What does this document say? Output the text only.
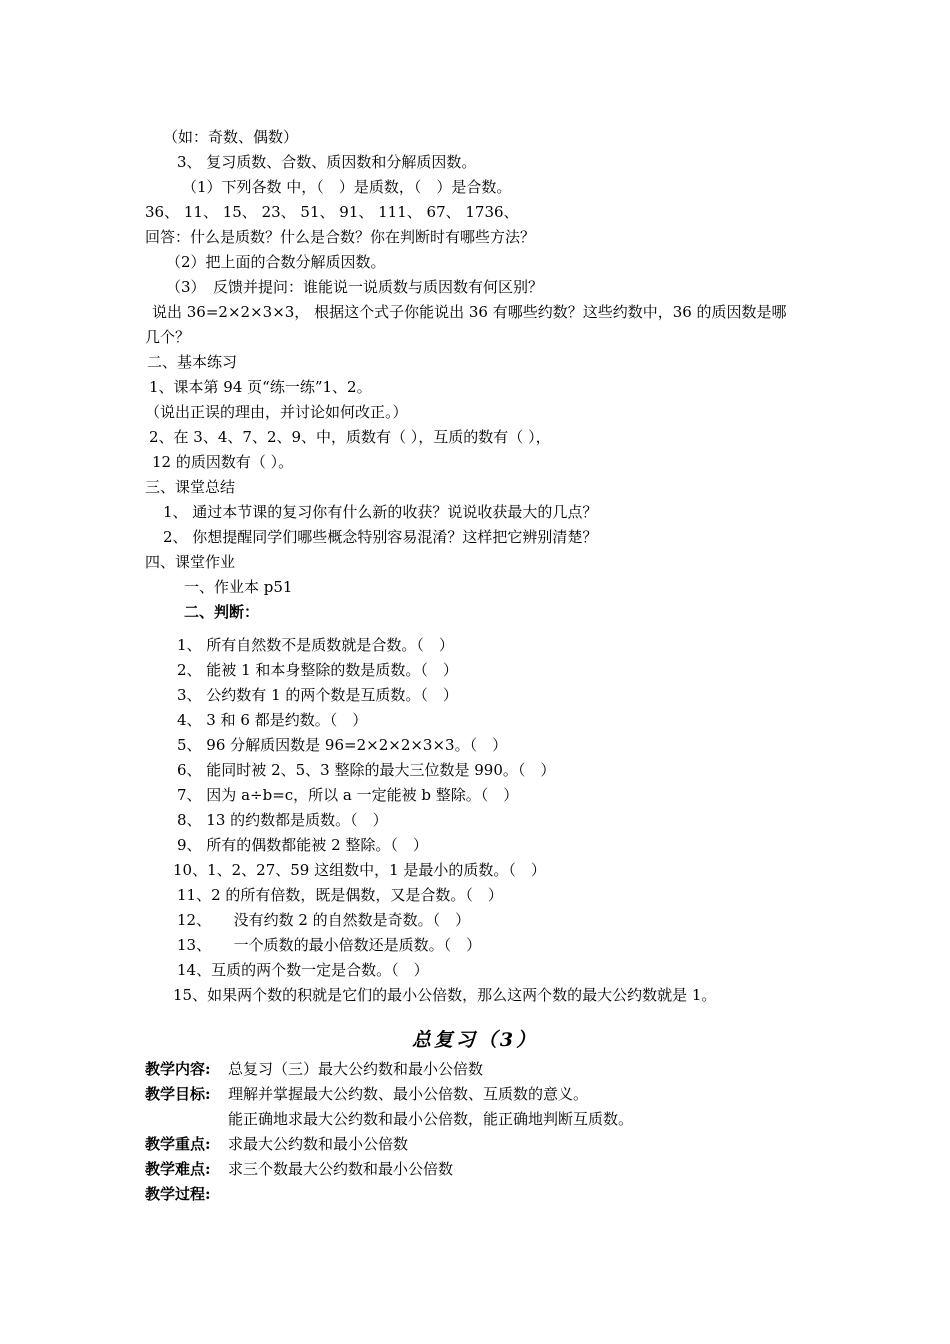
（如：奇数、偶数）
3、 复习质数、合数、质因数和分解质因数。
（1）下列各数 中，（　）是质数，（　）是合数。
36、 11、 15、 23、 51、 91、 111、 67、 1736、
回答：什么是质数？什么是合数？你在判断时有哪些方法？
（2）把上面的合数分解质因数。
（3）　反馈并提问：谁能说一说质数与质因数有何区别？
说出 36=2×2×3×3， 根据这个式子你能说出 36 有哪些约数？这些约数中，36 的质因数是哪
几个？
二、基本练习
1、课本第 94 页“练一练”1、2。
（说出正误的理由，并讨论如何改正。）
2、在 3、4、7、2、9、中，质数有（ ），互质的数有（ ），
12 的质因数有（ ）。
三、课堂总结
1、 通过本节课的复习你有什么新的收获？说说收获最大的几点？
2、 你想提醒同学们哪些概念特别容易混淆？这样把它辨别清楚？
四、课堂作业
一、作业本 p51
二、判断：
1、 所有自然数不是质数就是合数。（　）
2、 能被 1 和本身整除的数是质数。（　）
3、 公约数有 1 的两个数是互质数。（　）
4、 3 和 6 都是约数。（　）
5、 96 分解质因数是 96=2×2×2×3×3。（　）
6、 能同时被 2、5、3 整除的最大三位数是 990。（　）
7、 因为 a÷b=c，所以 a 一定能被 b 整除。（　）
8、 13 的约数都是质数。（　）
9、 所有的偶数都能被 2 整除。（　）
10、1、2、27、59 这组数中，1 是最小的质数。（　）
11、2 的所有倍数，既是偶数，又是合数。（　）
12、　　没有约数 2 的自然数是奇数。（　）
13、　　一个质数的最小倍数还是质数。（　）
14、互质的两个数一定是合数。（　）
15、如果两个数的积就是它们的最小公倍数，那么这两个数的最大公约数就是 1。
总复习（3）
教学内容: 总复习（三）最大公约数和最小公倍数
教学目标: 理解并掌握最大公约数、最小公倍数、互质数的意义。
能正确地求最大公约数和最小公倍数，能正确地判断互质数。
教学重点: 求最大公约数和最小公倍数
教学难点: 求三个数最大公约数和最小公倍数
教学过程:
